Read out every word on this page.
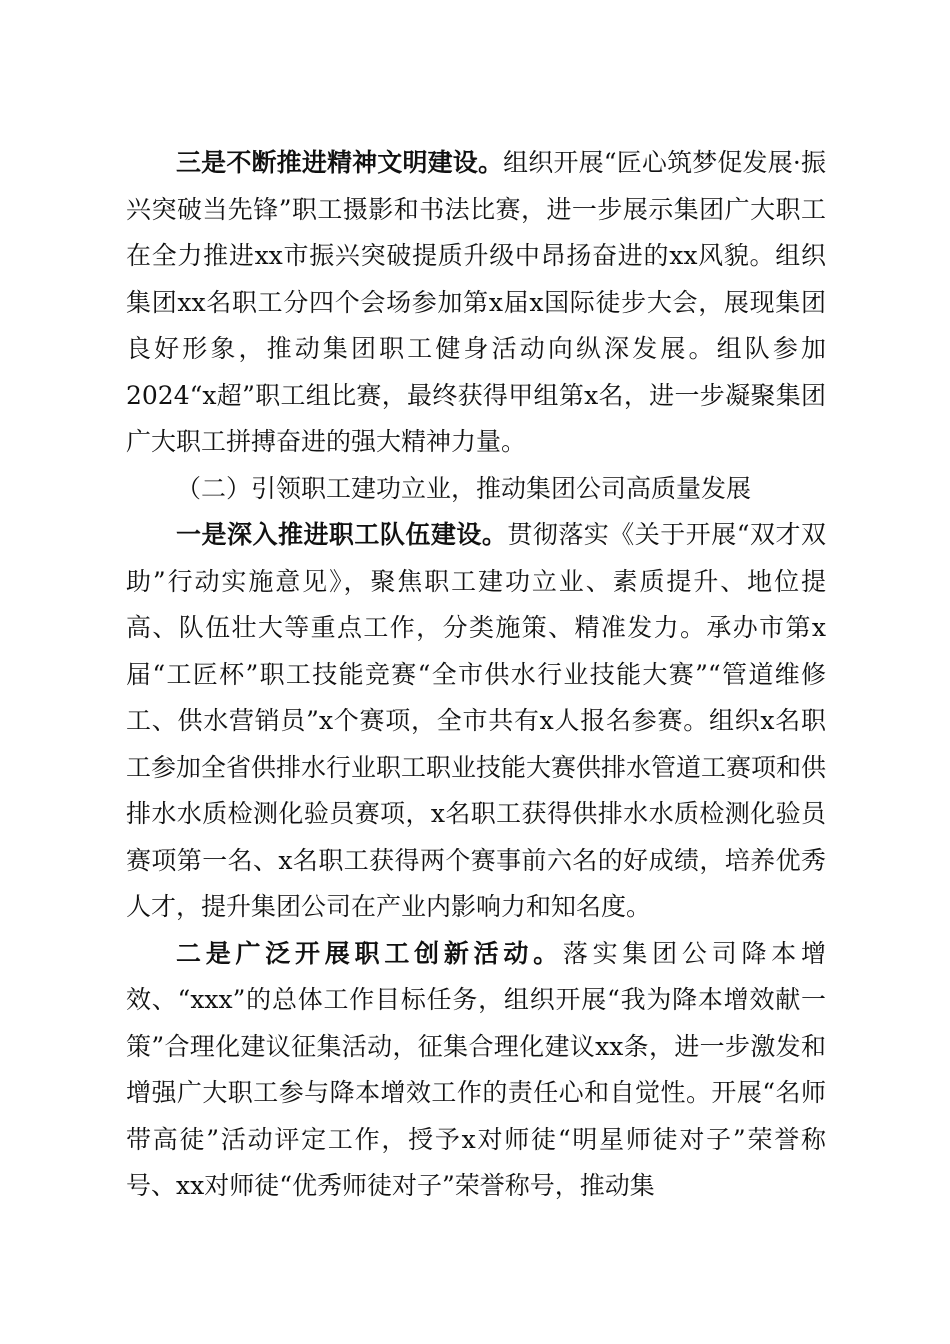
三是不断推进精神文明建设。组织开展“匠心筑梦促发展·振兴突破当先锋”职工摄影和书法比赛，进一步展示集团广大职工在全力推进xx市振兴突破提质升级中昂扬奋进的xx风貌。组织集团xx名职工分四个会场参加第x届x国际徒步大会，展现集团良好形象，推动集团职工健身活动向纵深发展。组队参加2024“x超”职工组比赛，最终获得甲组第x名，进一步凝聚集团广大职工拼搏奋进的强大精神力量。

（二）引领职工建功立业，推动集团公司高质量发展

一是深入推进职工队伍建设。贯彻落实《关于开展“双才双助”行动实施意见》，聚焦职工建功立业、素质提升、地位提高、队伍壮大等重点工作，分类施策、精准发力。承办市第x届“工匠杯”职工技能竞赛“全市供水行业技能大赛”“管道维修工、供水营销员”x个赛项，全市共有x人报名参赛。组织x名职工参加全省供排水行业职工职业技能大赛供排水管道工赛项和供排水水质检测化验员赛项，x名职工获得供排水水质检测化验员赛项第一名、x名职工获得两个赛事前六名的好成绩，培养优秀人才，提升集团公司在产业内影响力和知名度。

二是广泛开展职工创新活动。落实集团公司降本增效、“xxx”的总体工作目标任务，组织开展“我为降本增效献一策”合理化建议征集活动，征集合理化建议xx条，进一步激发和增强广大职工参与降本增效工作的责任心和自觉性。开展“名师带高徒”活动评定工作，授予x对师徒“明星师徒对子”荣誉称号、xx对师徒“优秀师徒对子”荣誉称号，推动集
